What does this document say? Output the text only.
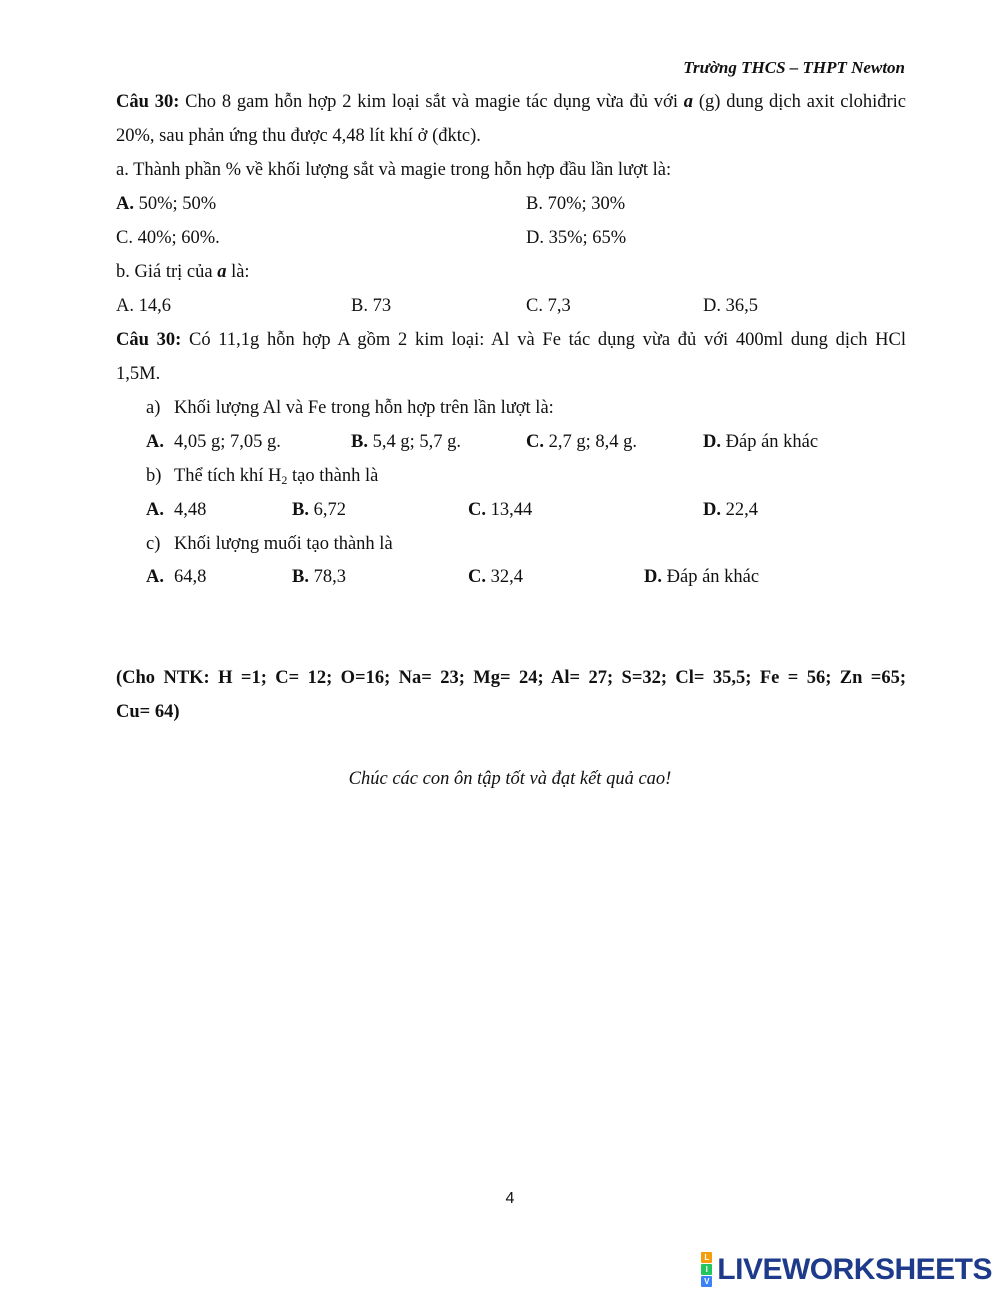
Trường THCS – THPT Newton
Câu 30: Cho 8 gam hỗn hợp 2 kim loại sắt và magie tác dụng vừa đủ với a (g) dung dịch axit clohiđric
20%, sau phản ứng thu được 4,48 lít khí ở (đktc).
a. Thành phần % về khối lượng sắt và magie trong hỗn hợp đầu lần lượt là:
A. 50%; 50%	B. 70%; 30%
C. 40%; 60%.	D. 35%; 65%
b. Giá trị của a là:
A. 14,6	B. 73	C. 7,3	D. 36,5
Câu 30: Có 11,1g hỗn hợp A gồm 2 kim loại: Al và Fe tác dụng vừa đủ với 400ml dung dịch HCl
1,5M.
a) Khối lượng Al và Fe trong hỗn hợp trên lần lượt là:
A. 4,05 g; 7,05 g.	B. 5,4 g; 5,7 g.	C. 2,7 g; 8,4 g.	D. Đáp án khác
b) Thể tích khí $H_2$ tạo thành là
A. 4,48	B. 6,72	C. 13,44	D. 22,4
c) Khối lượng muối tạo thành là
A. 64,8	B. 78,3	C. 32,4	D. Đáp án khác
(Cho NTK: H =1; C= 12; O=16; Na= 23; Mg= 24; Al= 27; S=32; Cl= 35,5; Fe = 56; Zn =65;
Cu= 64)
Chúc các con ôn tập tốt và đạt kết quả cao!
4
L
I
V LIVEWORKSHEETS
